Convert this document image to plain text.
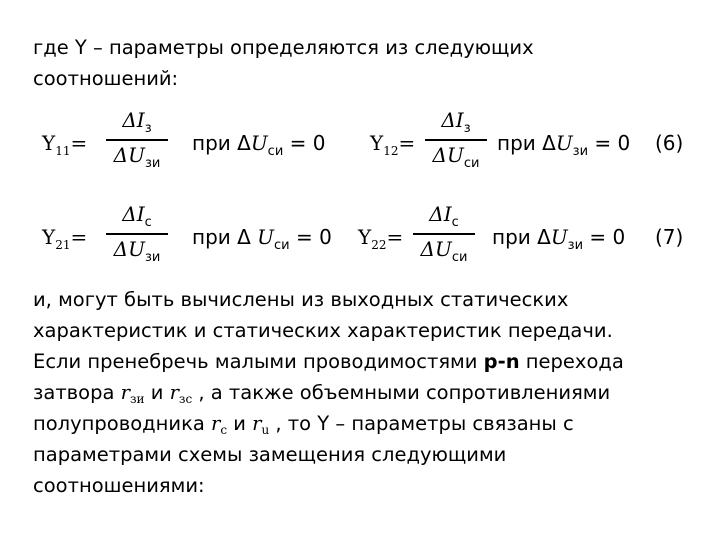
где Y – параметры определяются из следующих
соотношений:
$Y_{11}=$
$\Delta I_з$
$\Delta U_{зи}$
при $\Delta U_{си} = 0$ $Y_{12}=$
$\Delta I_з$
$\Delta U_{си}$
при $\Delta U_{зи} = 0$ (6)
$Y_{21}=$
$\Delta I_c$
$\Delta U_{зи}$
при Δ $U_{си} = 0$ $Y_{22}=$
$\Delta I_c$
$\Delta U_{си}$
при $\Delta U_{зи} = 0$ (7)
и, могут быть вычислены из выходных статических
характеристик и статических характеристик передачи.
Если пренебречь малыми проводимостями p-n перехода
затвора $r_{зи}$ и $r_{зс}$ , а также объемными сопротивлениями
полупроводника $r_c$ и $r_u$ , то Y – параметры связаны с
параметрами схемы замещения следующими
соотношениями:
